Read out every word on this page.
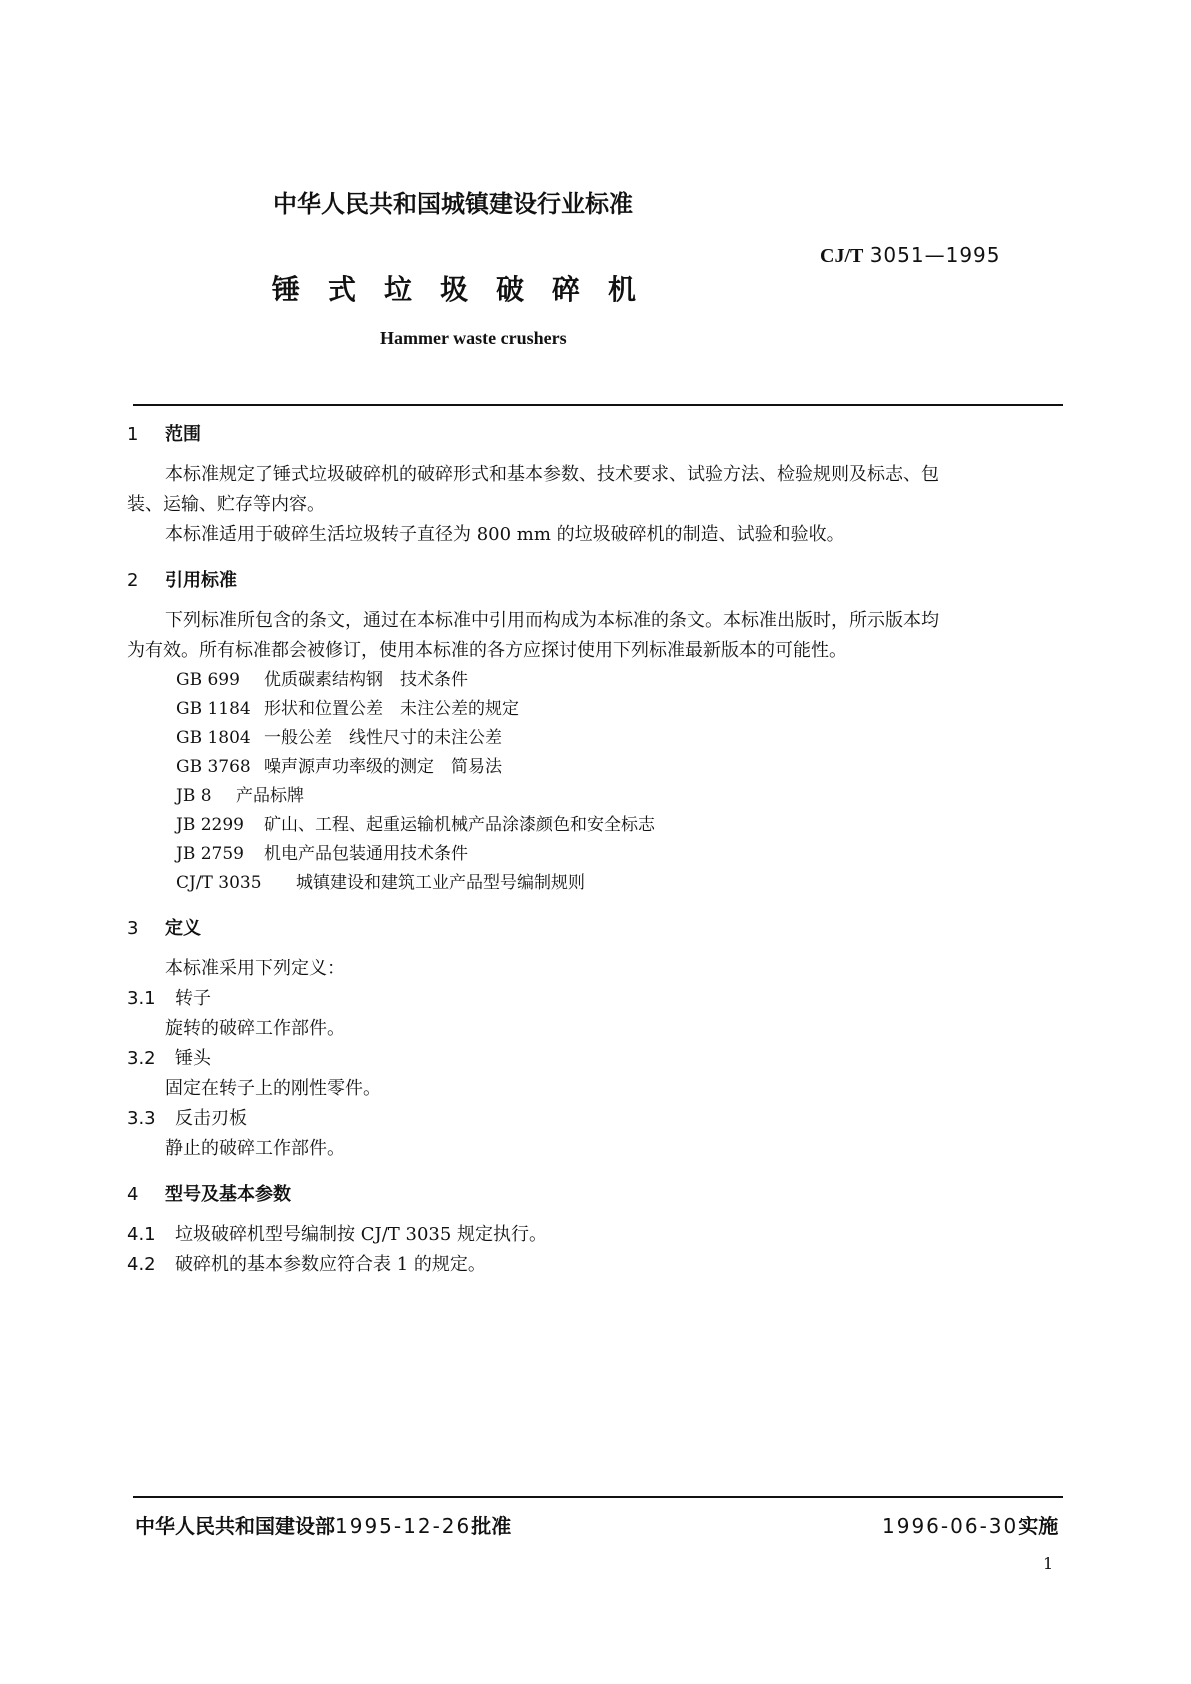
中华人民共和国城镇建设行业标准
CJ/T 3051—1995
锤式垃圾破碎机
Hammer waste crushers
1 范围
本标准规定了锤式垃圾破碎机的破碎形式和基本参数、技术要求、试验方法、检验规则及标志、包
装、运输、贮存等内容。
本标准适用于破碎生活垃圾转子直径为 800 mm 的垃圾破碎机的制造、试验和验收。
2 引用标准
下列标准所包含的条文，通过在本标准中引用而构成为本标准的条文。本标准出版时，所示版本均
为有效。所有标准都会被修订，使用本标准的各方应探讨使用下列标准最新版本的可能性。
GB 699 优质碳素结构钢　技术条件
GB 1184 形状和位置公差　未注公差的规定
GB 1804 一般公差　线性尺寸的未注公差
GB 3768 噪声源声功率级的测定　简易法
JB 8 产品标牌
JB 2299 矿山、工程、起重运输机械产品涂漆颜色和安全标志
JB 2759 机电产品包装通用技术条件
CJ/T 3035 城镇建设和建筑工业产品型号编制规则
3 定义
本标准采用下列定义：
3.1 转子
旋转的破碎工作部件。
3.2 锤头
固定在转子上的刚性零件。
3.3 反击刃板
静止的破碎工作部件。
4 型号及基本参数
4.1 垃圾破碎机型号编制按 CJ/T 3035 规定执行。
4.2 破碎机的基本参数应符合表 1 的规定。
中华人民共和国建设部1995-12-26批准	1996-06-30实施
1
